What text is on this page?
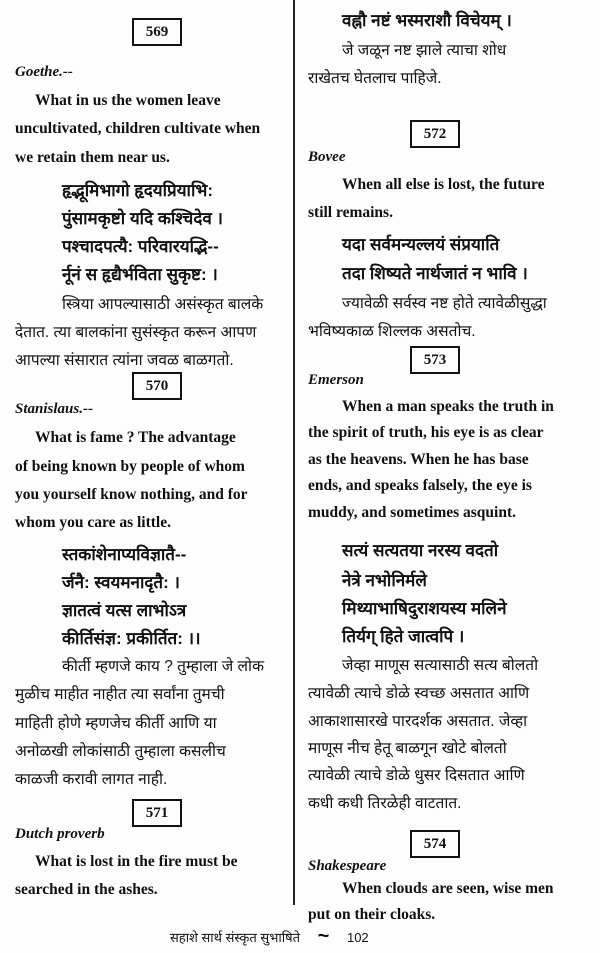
सहाशे सार्थ संस्कृत सुभाषिते ~ 102
569
Goethe.--
What in us the women leave
uncultivated, children cultivate when
we retain them near us.
हृद्भूमिभागो हृदयप्रियाभि:
पुंसामकृष्टो यदि कश्चिदेव ।
पश्चादपत्यै: परिवारयद्भि--
र्नूनं स हृद्यैर्भविता सुकृष्ट: ।
स्त्रिया आपल्यासाठी असंस्कृत बालके
देतात. त्या बालकांना सुसंस्कृत करून आपण
आपल्या संसारात त्यांना जवळ बाळगतो.
570
Stanislaus.--
What is fame ? The advantage
of being known by people of whom
you yourself know nothing, and for
whom you care as little.
स्तकांशेनाप्यविज्ञातै--
र्जनै: स्वयमनादृतै: ।
ज्ञातत्वं यत्स लाभोऽत्र
कीर्तिसंज्ञ: प्रकीर्तित: ।।
कीर्ती म्हणजे काय ? तुम्हाला जे लोक
मुळीच माहीत नाहीत त्या सर्वांना तुमची
माहिती होणे म्हणजेच कीर्ती आणि या
अनोळखी लोकांसाठी तुम्हाला कसलीच
काळजी करावी लागत नाही.
571
Dutch proverb
What is lost in the fire must be
searched in the ashes.
वह्नौ नष्टं भस्मराशौ विचेयम् ।
जे जळून नष्ट झाले त्याचा शोध
राखेतच घेतलाच पाहिजे.
572
Bovee
When all else is lost, the future
still remains.
यदा सर्वमन्यल्लयं संप्रयाति
तदा शिष्यते नार्थजातं न भावि ।
ज्यावेळी सर्वस्व नष्ट होते त्यावेळीसुद्धा
भविष्यकाळ शिल्लक असतोच.
573
Emerson
When a man speaks the truth in
the spirit of truth, his eye is as clear
as the heavens. When he has base
ends, and speaks falsely, the eye is
muddy, and sometimes asquint.
सत्यं सत्यतया नरस्य वदतो
नेत्रे नभोनिर्मले
मिथ्याभाषिदुराशयस्य मलिने
तिर्यग् हिते जात्वपि ।
जेव्हा माणूस सत्यासाठी सत्य बोलतो
त्यावेळी त्याचे डोळे स्वच्छ असतात आणि
आकाशासारखे पारदर्शक असतात. जेव्हा
माणूस नीच हेतू बाळगून खोटे बोलतो
त्यावेळी त्याचे डोळे धुसर दिसतात आणि
कधी कधी तिरळेही वाटतात.
574
Shakespeare
When clouds are seen, wise men
put on their cloaks.
